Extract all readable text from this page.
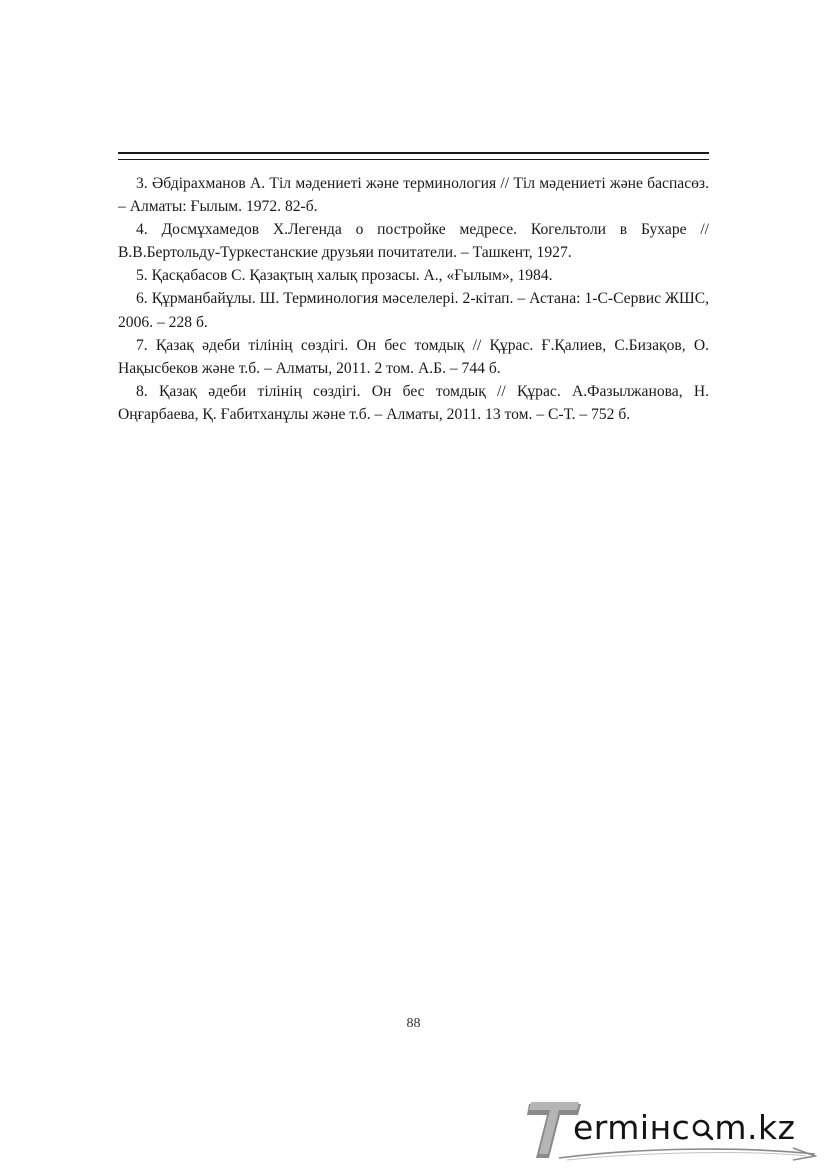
3. Әбдірахманов А. Тіл мәдениеті және терминология // Тіл мәдениеті және баспасөз. – Алматы: Ғылым. 1972. 82-б.

4. Досмұхамедов Х.Легенда о постройке медресе. Когельтоли в Бухаре // В.В.Бертольду-Туркестанские друзьяи почитатели. – Ташкент, 1927.

5. Қасқабасов С. Қазақтың халық прозасы. А., «Ғылым», 1984.

6. Құрманбайұлы. Ш. Терминология мәселелері. 2-кітап. – Астана: 1-С-Сервис ЖШС, 2006. – 228 б.

7. Қазақ әдеби тілінің сөздігі. Он бес томдық // Құрас. Ғ.Қалиев, С.Бизақов, О. Нақысбеков және т.б. – Алматы, 2011. 2 том. А.Б. – 744 б.

8. Қазақ әдеби тілінің сөздігі. Он бес томдық // Құрас. А.Фазылжанова, Н. Оңғарбаева, Қ. Ғабитханұлы және т.б. – Алматы, 2011. 13 том. – С-Т. – 752 б.

88
ermінc m.kz
